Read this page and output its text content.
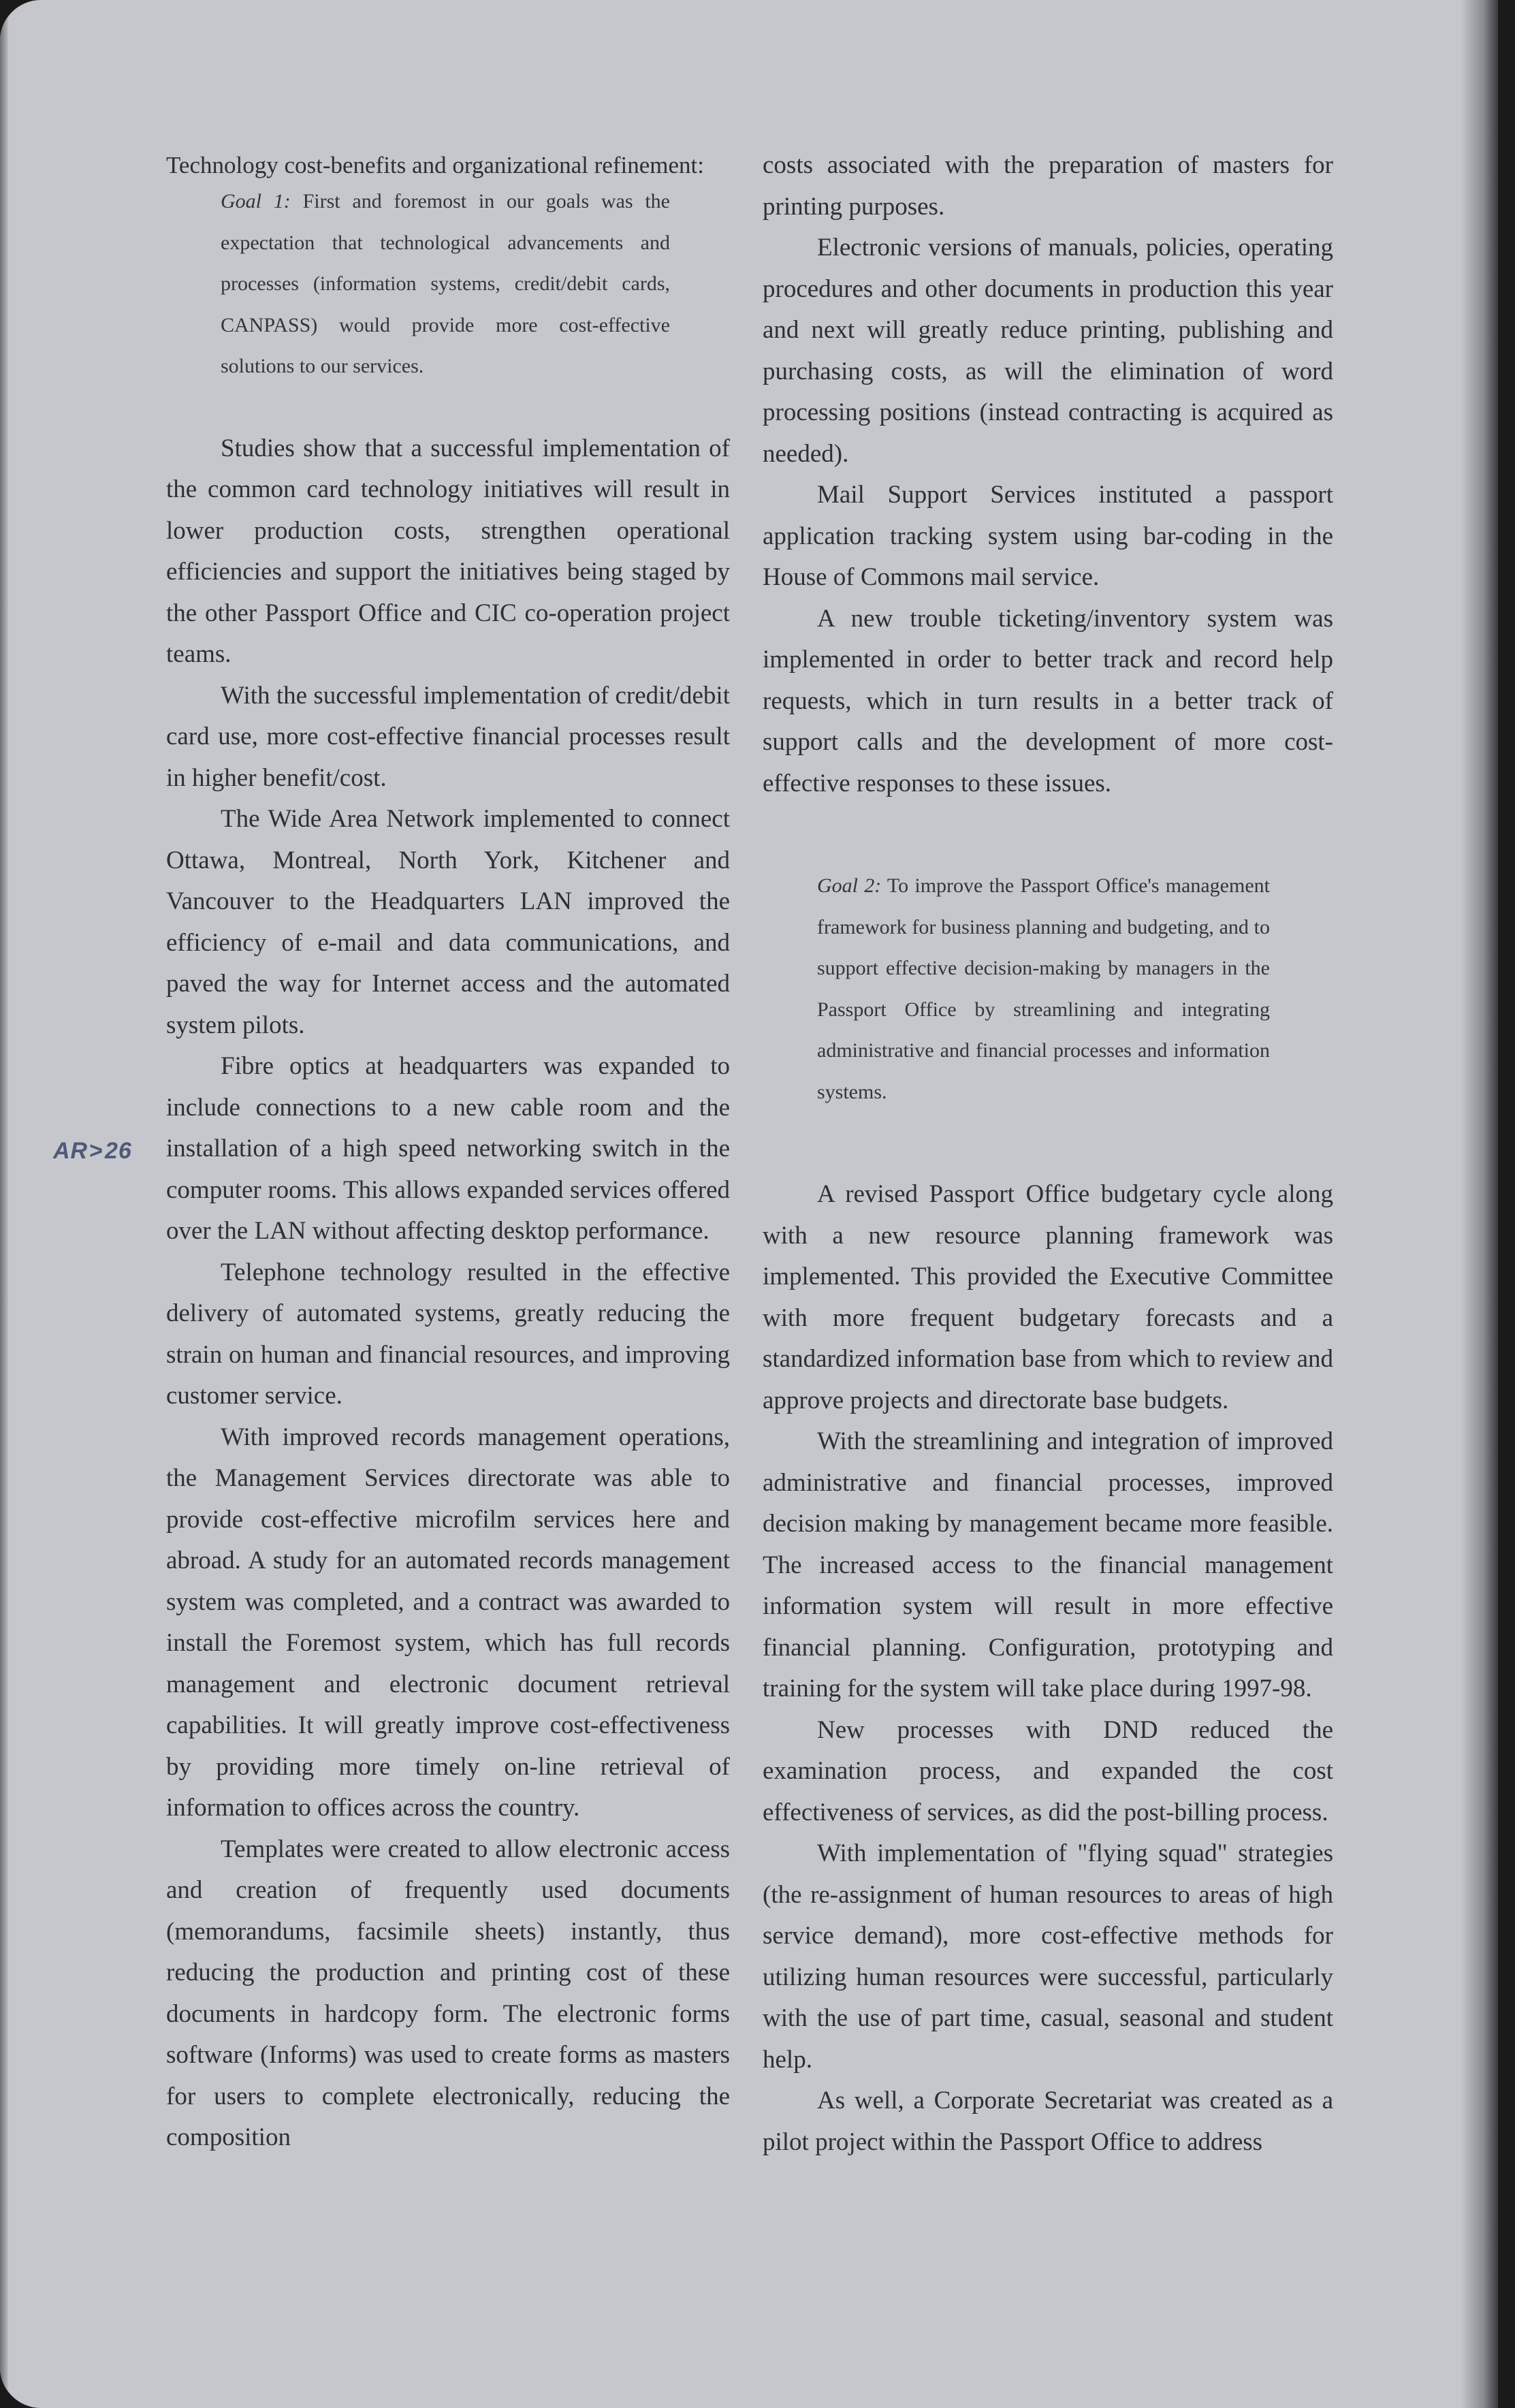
AR>26

Technology cost-benefits and organizational refinement:

Goal 1: First and foremost in our goals was the expectation that technological advancements and processes (information systems, credit/debit cards, CANPASS) would provide more cost-effective solutions to our services.

Studies show that a successful implementation of the common card technology initiatives will result in lower production costs, strengthen operational efficiencies and support the initiatives being staged by the other Passport Office and CIC co-operation project teams.

With the successful implementation of credit/debit card use, more cost-effective financial processes result in higher benefit/cost.

The Wide Area Network implemented to connect Ottawa, Montreal, North York, Kitchener and Vancouver to the Headquarters LAN improved the efficiency of e-mail and data communications, and paved the way for Internet access and the automated system pilots.

Fibre optics at headquarters was expanded to include connections to a new cable room and the installation of a high speed networking switch in the computer rooms. This allows expanded services offered over the LAN without affecting desktop performance.

Telephone technology resulted in the effective delivery of automated systems, greatly reducing the strain on human and financial resources, and improving customer service.

With improved records management operations, the Management Services directorate was able to provide cost-effective microfilm services here and abroad. A study for an automated records management system was completed, and a contract was awarded to install the Foremost system, which has full records management and electronic document retrieval capabilities. It will greatly improve cost-effectiveness by providing more timely on-line retrieval of information to offices across the country.

Templates were created to allow electronic access and creation of frequently used documents (memorandums, facsimile sheets) instantly, thus reducing the production and printing cost of these documents in hardcopy form. The electronic forms software (Informs) was used to create forms as masters for users to complete electronically, reducing the composition

costs associated with the preparation of masters for printing purposes.

Electronic versions of manuals, policies, operating procedures and other documents in production this year and next will greatly reduce printing, publishing and purchasing costs, as will the elimination of word processing positions (instead contracting is acquired as needed).

Mail Support Services instituted a passport application tracking system using bar-coding in the House of Commons mail service.

A new trouble ticketing/inventory system was implemented in order to better track and record help requests, which in turn results in a better track of support calls and the development of more cost-effective responses to these issues.

Goal 2: To improve the Passport Office's management framework for business planning and budgeting, and to support effective decision-making by managers in the Passport Office by streamlining and integrating administrative and financial processes and information systems.

A revised Passport Office budgetary cycle along with a new resource planning framework was implemented. This provided the Executive Committee with more frequent budgetary forecasts and a standardized information base from which to review and approve projects and directorate base budgets.

With the streamlining and integration of improved administrative and financial processes, improved decision making by management became more feasible. The increased access to the financial management information system will result in more effective financial planning. Configuration, prototyping and training for the system will take place during 1997-98.

New processes with DND reduced the examination process, and expanded the cost effectiveness of services, as did the post-billing process.

With implementation of "flying squad" strategies (the re-assignment of human resources to areas of high service demand), more cost-effective methods for utilizing human resources were successful, particularly with the use of part time, casual, seasonal and student help.

As well, a Corporate Secretariat was created as a pilot project within the Passport Office to address
